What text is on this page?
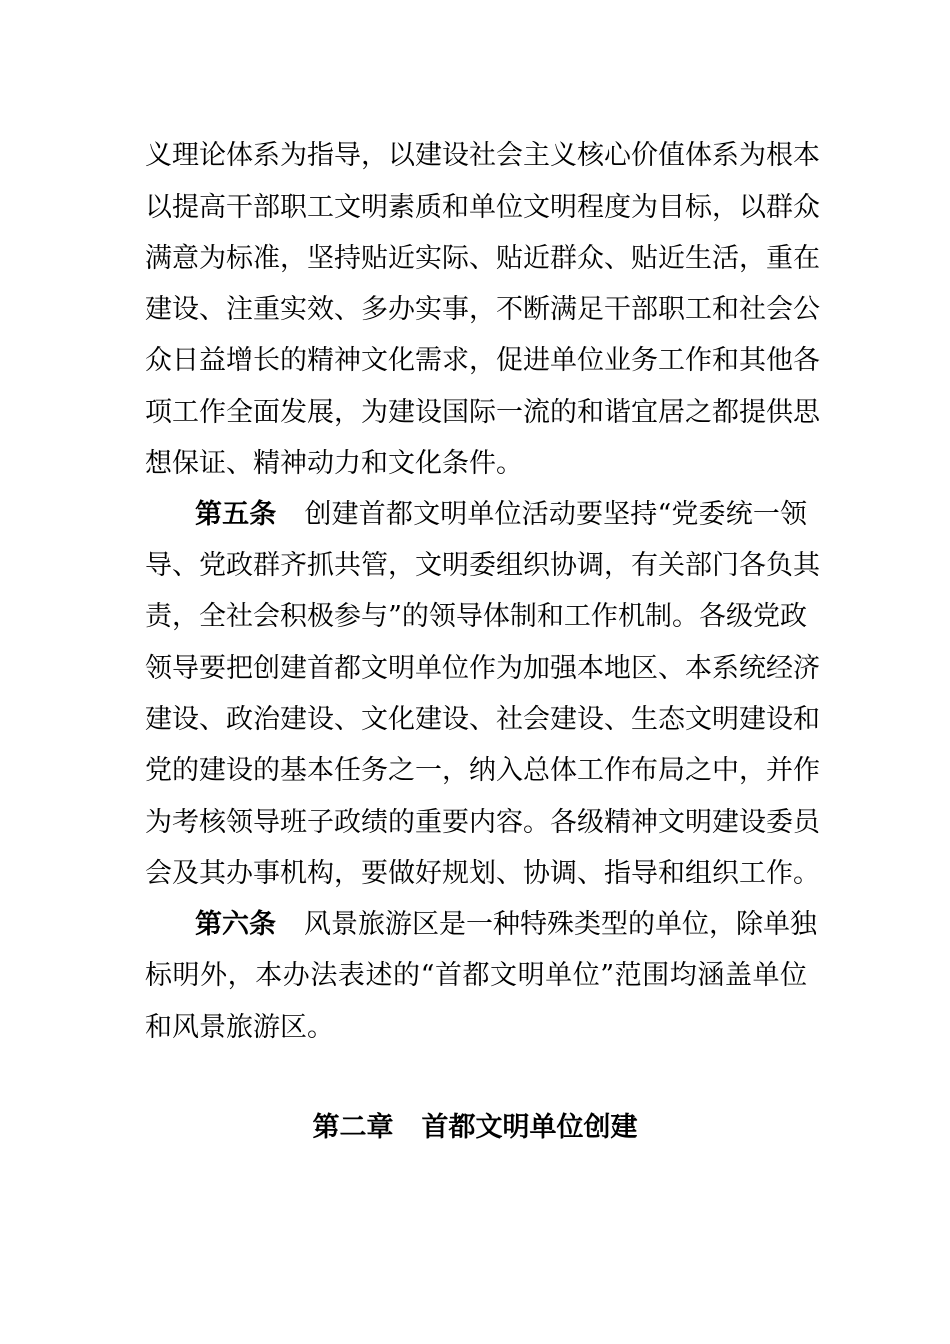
义理论体系为指导，以建设社会主义核心价值体系为根本
以提高干部职工文明素质和单位文明程度为目标，以群众
满意为标准，坚持贴近实际、贴近群众、贴近生活，重在
建设、注重实效、多办实事，不断满足干部职工和社会公
众日益增长的精神文化需求，促进单位业务工作和其他各
项工作全面发展，为建设国际一流的和谐宜居之都提供思
想保证、精神动力和文化条件。
第五条 创建首都文明单位活动要坚持“党委统一领
导、党政群齐抓共管，文明委组织协调，有关部门各负其
责，全社会积极参与”的领导体制和工作机制。各级党政
领导要把创建首都文明单位作为加强本地区、本系统经济
建设、政治建设、文化建设、社会建设、生态文明建设和
党的建设的基本任务之一，纳入总体工作布局之中，并作
为考核领导班子政绩的重要内容。各级精神文明建设委员
会及其办事机构，要做好规划、协调、指导和组织工作。
第六条 风景旅游区是一种特殊类型的单位，除单独
标明外，本办法表述的“首都文明单位”范围均涵盖单位
和风景旅游区。
第二章 首都文明单位创建
